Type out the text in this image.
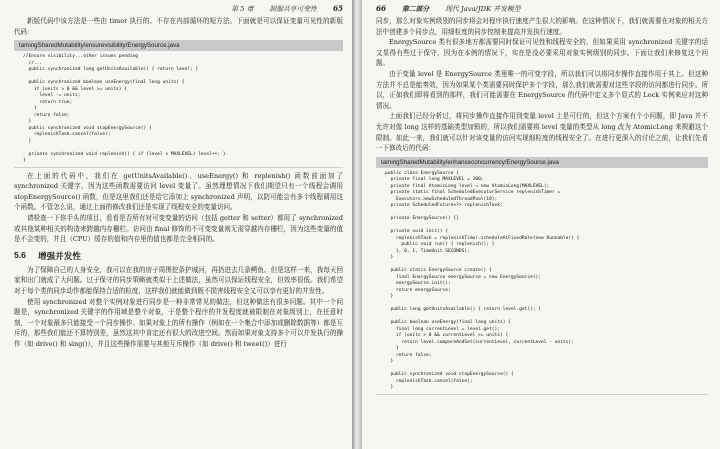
第 5 章 制服共享可变性 65

新版代码中该方法是一些由 timer 执行的、不存在内部循环的短方法。下面就是可以保证变量可见性的新版代码：

tamingSharedMutability/ensurevisibility/EnergySource.java
//Ensure visibility...other issues pending
//...
public synchronized long getUnitsAvailable() { return level; }

public synchronized boolean useEnergy(final long units) {
if (units > 0 && level >= units) {
level -= units;
return true;
}
return false;
}
public synchronized void stopEnergySource() {
replenishTask.cancel(false);
}

private synchronized void replenish() { if (level < MAXLEVEL) level++; }
}

在上面的代码中，我们在 getUnitsAvailable()、useEnergy() 和 replenish() 函数前面加了 synchronized 关键字，因为这些函数需要访问 level 变量了。虽然理想情况下我们期望只有一个线程会调用 stopEnergySource() 函数，但是这里我们还是给它添加上 synchronized 声明，以防可能会有多个线程调用这个函数。不管怎么说，通过上面的修改我们还是实现了线程安全的变量访问。

请检查一下你手头的项目，看看是否所有对可变变量的访问（包括 getter 和 setter）都用了 synchronized 或其他某种相关的构造来跨越内存栅栏。访问由 final 修饰的不可变变量则无需穿越内存栅栏，因为这些变量的值是不会变的，并且（CPU）缓存的值和内存里的值也都是完全相同的。

5.6 增强并发性

为了保障自己的人身安全，我可以在我的房子周围挖条护城河，再扔进去几条鳄鱼。但是这样一来，我每天回家和出门就成了大问题。过于保守的同步策略就类似于上述做法，虽然可以保证线程安全，但效率很低。我们希望对于每个类的同步动作都能保持合适的粒度，这样我们就能做到既不损害线程安全又可以享有更好的并发性。

使用 synchronized 对整个实例对象进行同步是一种非常常见的做法，但这种做法有很多问题。其中一个问题是，synchronized 关键字的作用域是整个对象，于是整个程序的并发程度就被限制在对象级别上，在任意时刻，一个对象最多只能接受一个同步操作。如果对象上的所有操作（例如在一个集合中添加或删除数据等）都是互斥的，那些我们能还不算特别差，虽然这其中肯定还有很大的改进空间。然而如果对象支持多个可以并发执行的操作（如 drive() 和 sing()），并且这些操作需要与其他互斥操作（如 drive() 和 tweet()）进行

66 第二部分 现代 Java/JDK 并发模型

同步，那么对象实例级别的同步将会对程序执行速度产生很大的影响。在这种情况下，我们就需要在对象的相关方法中创建多个同步点，用细粒度的同步控制来提高并发执行速度。

EnergySource 类有很多地方都需要同时保证可见性和线程安全的，但如果采用 synchronized 关键字的话又显得有些过于保守，因为在本例的情况下，实在是没必要采用对象实例级别的同步。下面让我们来修复这个问题。

由于变量 level 是 EnergySource 类里唯一的可变字段，所以我们可以将同步操作直接作用于其上。但这种方法并不总是能奏效，因为如果某个类需要同时保护多个字段，那么我们就需要对这些字段的访问都进行同步。所以，正如我们即将看到的那样，我们可能需要在 EnergySource 的代码中定义多个显式的 Lock 实例来应对这种情况。

上面我们已经分析过，将同步操作直接作用到变量 level 上是可行的，但这个方案有个小问题，即 Java 并不允许对像 long 这样的基础类型加锁的，所以我们需要将 level 变量的类型从 long 改为 AtomicLong 来规避这个限制。如此一来，我们就可以针对该变量的访问实现细粒度的线程安全了。在进行更深入的讨论之前，让我们先看一下修改后的代码：

tamingSharedMutability/enhanceconcurrency/EnergySource.java
public class EnergySource {
private final long MAXLEVEL = 100;
private final AtomicLong level = new AtomicLong(MAXLEVEL);
private static final ScheduledExecutorService replenishTimer =
Executors.newScheduledThreadPool(10);
private ScheduledFuture<?> replenishTask;

private EnergySource() {}

private void init() {
replenishTask = replenishTimer.scheduleAtFixedRate(new Runnable() {
public void run() { replenish(); }
}, 0, 1, TimeUnit.SECONDS);
}

public static EnergySource create() {
final EnergySource energySource = new EnergySource();
energySource.init();
return energySource;
}

public long getUnitsAvailable() { return level.get(); }

public boolean useEnergy(final long units) {
final long currentLevel = level.get();
if (units > 0 && currentLevel >= units) {
return level.compareAndSet(currentLevel, currentLevel - units);
}
return false;
}

public synchronized void stopEnergySource() {
replenishTask.cancel(false);
}
